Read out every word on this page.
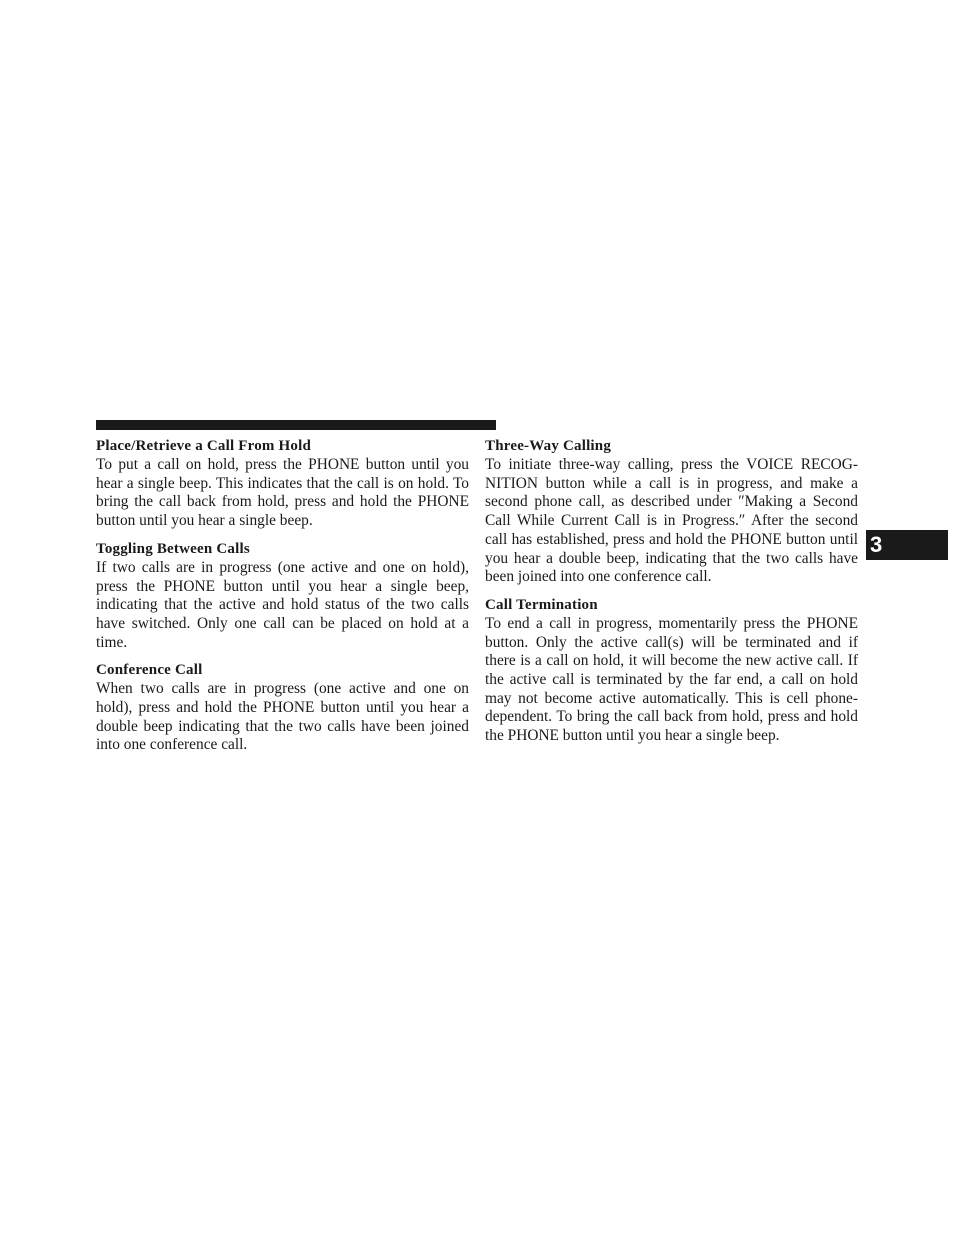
Place/Retrieve a Call From Hold

To put a call on hold, press the PHONE button until you hear a single beep. This indicates that the call is on hold. To bring the call back from hold, press and hold the PHONE button until you hear a single beep.

Toggling Between Calls

If two calls are in progress (one active and one on hold), press the PHONE button until you hear a single beep, indicating that the active and hold status of the two calls have switched. Only one call can be placed on hold at a time.

Conference Call

When two calls are in progress (one active and one on hold), press and hold the PHONE button until you hear a double beep indicating that the two calls have been joined into one conference call.

Three-Way Calling

To initiate three-way calling, press the VOICE RECOG-NITION button while a call is in progress, and make a second phone call, as described under ″Making a Second Call While Current Call is in Progress.″ After the second call has established, press and hold the PHONE button until you hear a double beep, indicating that the two calls have been joined into one conference call.

Call Termination

To end a call in progress, momentarily press the PHONE button. Only the active call(s) will be terminated and if there is a call on hold, it will become the new active call. If the active call is terminated by the far end, a call on hold may not become active automatically. This is cell phone-dependent. To bring the call back from hold, press and hold the PHONE button until you hear a single beep.

3
